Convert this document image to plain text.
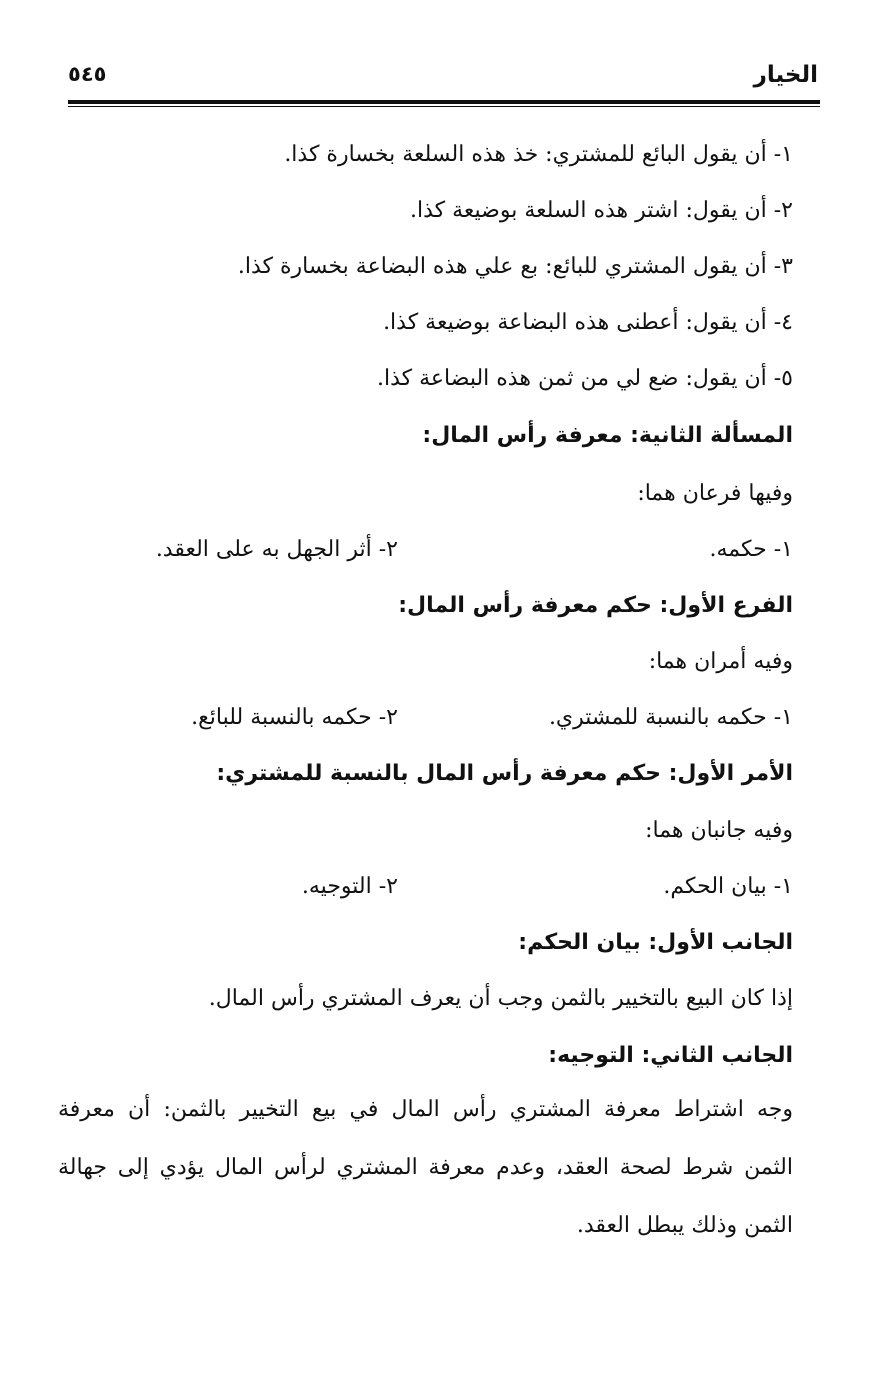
الخيار
٥٤٥
١- أن يقول البائع للمشتري: خذ هذه السلعة بخسارة كذا.
٢- أن يقول: اشتر هذه السلعة بوضيعة كذا.
٣- أن يقول المشتري للبائع: بع علي هذه البضاعة بخسارة كذا.
٤- أن يقول: أعطنى هذه البضاعة بوضيعة كذا.
٥- أن يقول: ضع لي من ثمن هذه البضاعة كذا.
المسألة الثانية: معرفة رأس المال:
وفيها فرعان هما:
١- حكمه.
٢- أثر الجهل به على العقد.
الفرع الأول: حكم معرفة رأس المال:
وفيه أمران هما:
١- حكمه بالنسبة للمشتري.
٢- حكمه بالنسبة للبائع.
الأمر الأول: حكم معرفة رأس المال بالنسبة للمشتري:
وفيه جانبان هما:
١- بيان الحكم.
٢- التوجيه.
الجانب الأول: بيان الحكم:
إذا كان البيع بالتخيير بالثمن وجب أن يعرف المشتري رأس المال.
الجانب الثاني: التوجيه:
وجه اشتراط معرفة المشتري رأس المال في بيع التخيير بالثمن: أن معرفة
الثمن شرط لصحة العقد، وعدم معرفة المشتري لرأس المال يؤدي إلى جهالة
الثمن وذلك يبطل العقد.
